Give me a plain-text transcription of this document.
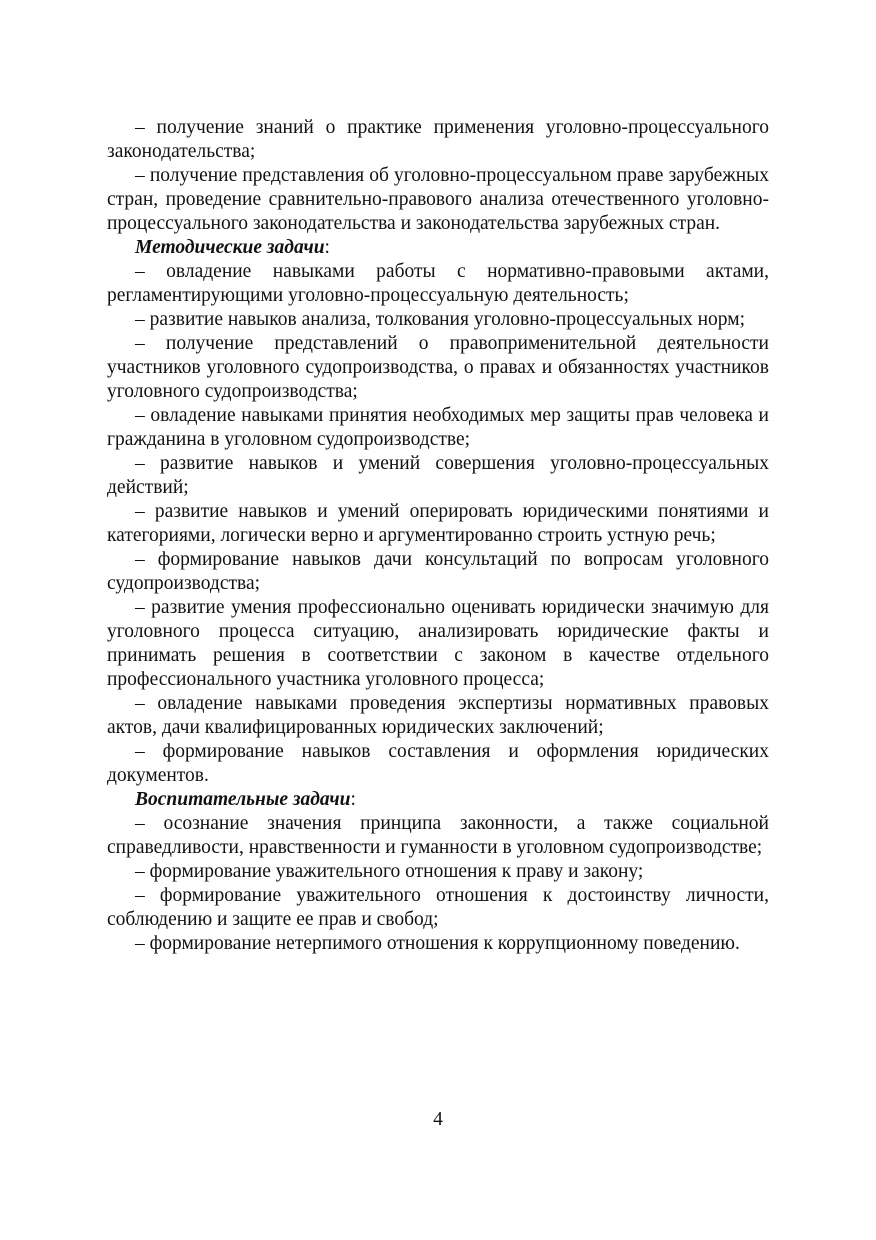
– получение знаний о практике применения уголовно-процессуального законодательства;

– получение представления об уголовно-процессуальном праве зарубежных стран, проведение сравнительно-правового анализа отечественного уголовно-процессуального законодательства и законодательства зарубежных стран.

Методические задачи:

– овладение навыками работы с нормативно-правовыми актами, регламентирующими уголовно-процессуальную деятельность;

– развитие навыков анализа, толкования уголовно-процессуальных норм;

– получение представлений о правоприменительной деятельности участников уголовного судопроизводства, о правах и обязанностях участников уголовного судопроизводства;

– овладение навыками принятия необходимых мер защиты прав человека и гражданина в уголовном судопроизводстве;

– развитие навыков и умений совершения уголовно-процессуальных действий;

– развитие навыков и умений оперировать юридическими понятиями и категориями, логически верно и аргументированно строить устную речь;

– формирование навыков дачи консультаций по вопросам уголовного судопроизводства;

– развитие умения профессионально оценивать юридически значимую для уголовного процесса ситуацию, анализировать юридические факты и принимать решения в соответствии с законом в качестве отдельного профессионального участника уголовного процесса;

– овладение навыками проведения экспертизы нормативных правовых актов, дачи квалифицированных юридических заключений;

– формирование навыков составления и оформления юридических документов.

Воспитательные задачи:

– осознание значения принципа законности, а также социальной справедливости, нравственности и гуманности в уголовном судопроизводстве;

– формирование уважительного отношения к праву и закону;

– формирование уважительного отношения к достоинству личности, соблюдению и защите ее прав и свобод;

– формирование нетерпимого отношения к коррупционному поведению.

4
